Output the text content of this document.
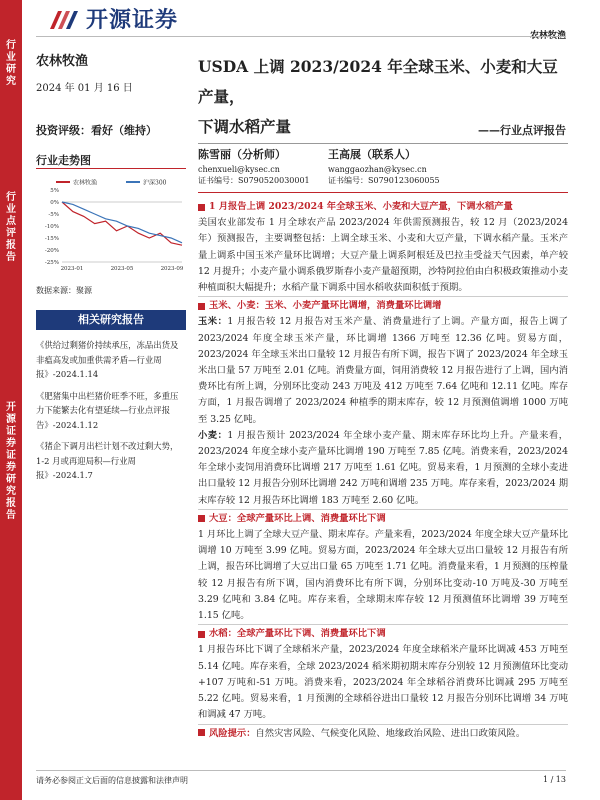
行业研究
行业点评报告
开源证券 证券研究报告
开源证券
农林牧渔
农林牧渔
2024 年 01 月 16 日
投资评级：看好（维持）
USDA 上调 2023/2024 年全球玉米、小麦和大豆产量，
下调水稻产量	——行业点评报告
行业走势图
农林牧渔	沪深300
5%
0%
-5%
-10%
-15%
-20%
-25%
2023-01	2023-05	2023-09
数据来源：聚源
相关研究报告
《供给过剩猪价持续承压，冻品出货及非瘟高发或加重供需矛盾—行业周报》-2024.1.14
《肥猪集中出栏猪价旺季不旺，多重压力下能繁去化有望延续—行业点评报告》-2024.1.12
《猪企下调月出栏计划不改过剩大势，1-2 月或再迎局积—行业周报》-2024.1.7
陈雪丽（分析师）
chenxueli@kysec.cn
证书编号：S0790520030001
王高展（联系人）
wanggaozhan@kysec.cn
证书编号：S0790123060055
1 月报告上调 2023/2024 年全球玉米、小麦和大豆产量，下调水稻产量

美国农业部发布 1 月全球农产品 2023/2024 年供需预测报告，较 12 月（2023/2024 年）预测报告，主要调整包括：上调全球玉米、小麦和大豆产量，下调水稻产量。玉米产量上调系中国玉米产量环比调增；大豆产量上调系阿根廷及巴拉圭受益天气因素，单产较 12 月提升；小麦产量小调系俄罗斯春小麦产量超预期，沙特阿拉伯由白积极政策推动小麦种植面积大幅提升；水稻产量下调系中国水稻收获面积低于预期。

玉米、小麦：玉米、小麦产量环比调增，消费量环比调增

玉米：1 月报告较 12 月报告对玉米产量、消费量进行了上调。产量方面，报告上调了 2023/2024 年度全球玉米产量，环比调增 1366 万吨至 12.36 亿吨。贸易方面，2023/2024 年全球玉米出口量较 12 月报告有所下调，报告下调了 2023/2024 年全球玉米出口量 57 万吨至 2.01 亿吨。消费量方面，饲用消费较 12 月报告进行了上调，国内消费环比有所上调，分别环比变动 243 万吨及 412 万吨至 7.64 亿吨和 12.11 亿吨。库存方面，1 月报告调增了 2023/2024 种植季的期末库存，较 12 月预测值调增 1000 万吨至 3.25 亿吨。

小麦：1 月报告预计 2023/2024 年全球小麦产量、期末库存环比均上升。产量来看，2023/2024 年度全球小麦产量环比调增 190 万吨至 7.85 亿吨。消费来看，2023/2024 年全球小麦饲用消费环比调增 217 万吨至 1.61 亿吨。贸易来看，1 月预测的全球小麦进出口量较 12 月报告分别环比调增 242 万吨和调增 235 万吨。库存来看，2023/2024 期末库存较 12 月报告环比调增 183 万吨至 2.60 亿吨。

大豆：全球产量环比上调、消费量环比下调

1 月环比上调了全球大豆产量、期末库存。产量来看，2023/2024 年度全球大豆产量环比调增 10 万吨至 3.99 亿吨。贸易方面，2023/2024 年全球大豆出口量较 12 月报告有所上调，报告环比调增了大豆出口量 65 万吨至 1.71 亿吨。消费量来看，1 月预测的压榨量较 12 月报告有所下调，国内消费环比有所下调，分别环比变动-10 万吨及-30 万吨至 3.29 亿吨和 3.84 亿吨。库存来看，全球期末库存较 12 月预测值环比调增 39 万吨至 1.15 亿吨。

水稻：全球产量环比下调、消费量环比下调

1 月报告环比下调了全球稻米产量，2023/2024 年度全球稻米产量环比调减 453 万吨至 5.14 亿吨。库存来看，全球 2023/2024 稻米期初期末库存分别较 12 月预测值环比变动+107 万吨和-51 万吨。消费来看，2023/2024 年全球稻谷消费环比调减 295 万吨至 5.22 亿吨。贸易来看，1 月预测的全球稻谷进出口量较 12 月报告分别环比调增 34 万吨和调减 47 万吨。

风险提示：自然灾害风险、气候变化风险、地缘政治风险、进出口政策风险。

请务必参阅正文后面的信息披露和法律声明	1 / 13
